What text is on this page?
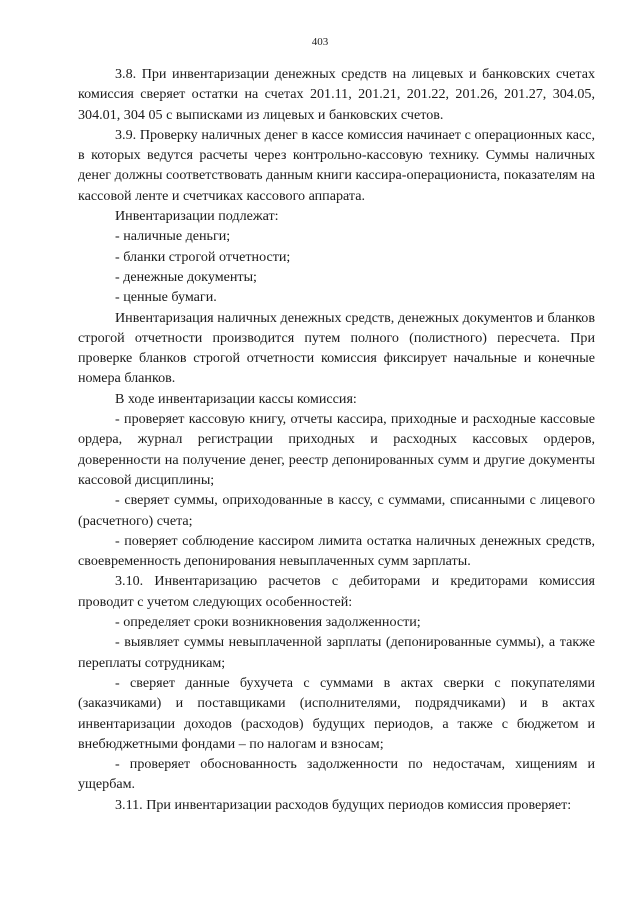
403

3.8. При инвентаризации денежных средств на лицевых и банковских счетах комиссия сверяет остатки на счетах 201.11, 201.21, 201.22, 201.26, 201.27, 304.05, 304.01, 304 05 с выписками из лицевых и банковских счетов.

3.9. Проверку наличных денег в кассе комиссия начинает с операционных касс, в которых ведутся расчеты через контрольно-кассовую технику. Суммы наличных денег должны соответствовать данным книги кассира-операциониста, показателям на кассовой ленте и счетчиках кассового аппарата.

Инвентаризации подлежат:

- наличные деньги;

- бланки строгой отчетности;

- денежные документы;

- ценные бумаги.

Инвентаризация наличных денежных средств, денежных документов и бланков строгой отчетности производится путем полного (полистного) пересчета. При проверке бланков строгой отчетности комиссия фиксирует начальные и конечные номера бланков.

В ходе инвентаризации кассы комиссия:

- проверяет кассовую книгу, отчеты кассира, приходные и расходные кассовые ордера, журнал регистрации приходных и расходных кассовых ордеров, доверенности на получение денег, реестр депонированных сумм и другие документы кассовой дисциплины;

- сверяет суммы, оприходованные в кассу, с суммами, списанными с лицевого (расчетного) счета;

- поверяет соблюдение кассиром лимита остатка наличных денежных средств, своевременность депонирования невыплаченных сумм зарплаты.

3.10. Инвентаризацию расчетов с дебиторами и кредиторами комиссия проводит с учетом следующих особенностей:

- определяет сроки возникновения задолженности;

- выявляет суммы невыплаченной зарплаты (депонированные суммы), а также переплаты сотрудникам;

- сверяет данные бухучета с суммами в актах сверки с покупателями (заказчиками) и поставщиками (исполнителями, подрядчиками) и в актах инвентаризации доходов (расходов) будущих периодов, а также с бюджетом и внебюджетными фондами – по налогам и взносам;

- проверяет обоснованность задолженности по недостачам, хищениям и ущербам.

3.11. При инвентаризации расходов будущих периодов комиссия проверяет:
